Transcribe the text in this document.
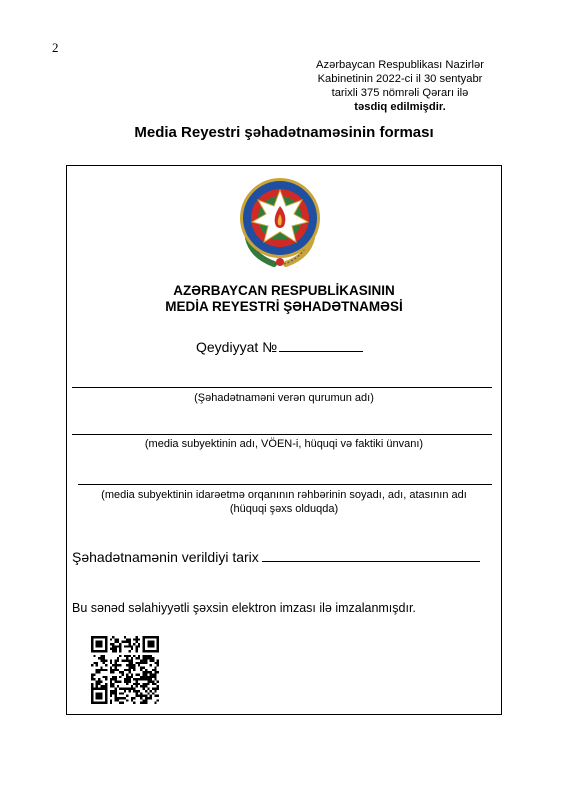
2
Azərbaycan Respublikası Nazirlər
Kabinetinin 2022-ci il 30 sentyabr
tarixli 375 nömrəli Qərarı ilə
təsdiq edilmişdir.
Media Reyestri şəhadətnaməsinin forması
AZƏRBAYCAN RESPUBLİKASININ
MEDİA REYESTRİ ŞƏHADƏTNAMƏSİ
Qeydiyyat №
(Şəhadətnaməni verən qurumun adı)
(media subyektinin adı, VÖEN-i, hüquqi və faktiki ünvanı)
(media subyektinin idarəetmə orqanının rəhbərinin soyadı, adı, atasının adı
(hüquqi şəxs olduqda)
Şəhadətnamənin verildiyi tarix
Bu sənəd səlahiyyətli şəxsin elektron imzası ilə imzalanmışdır.
